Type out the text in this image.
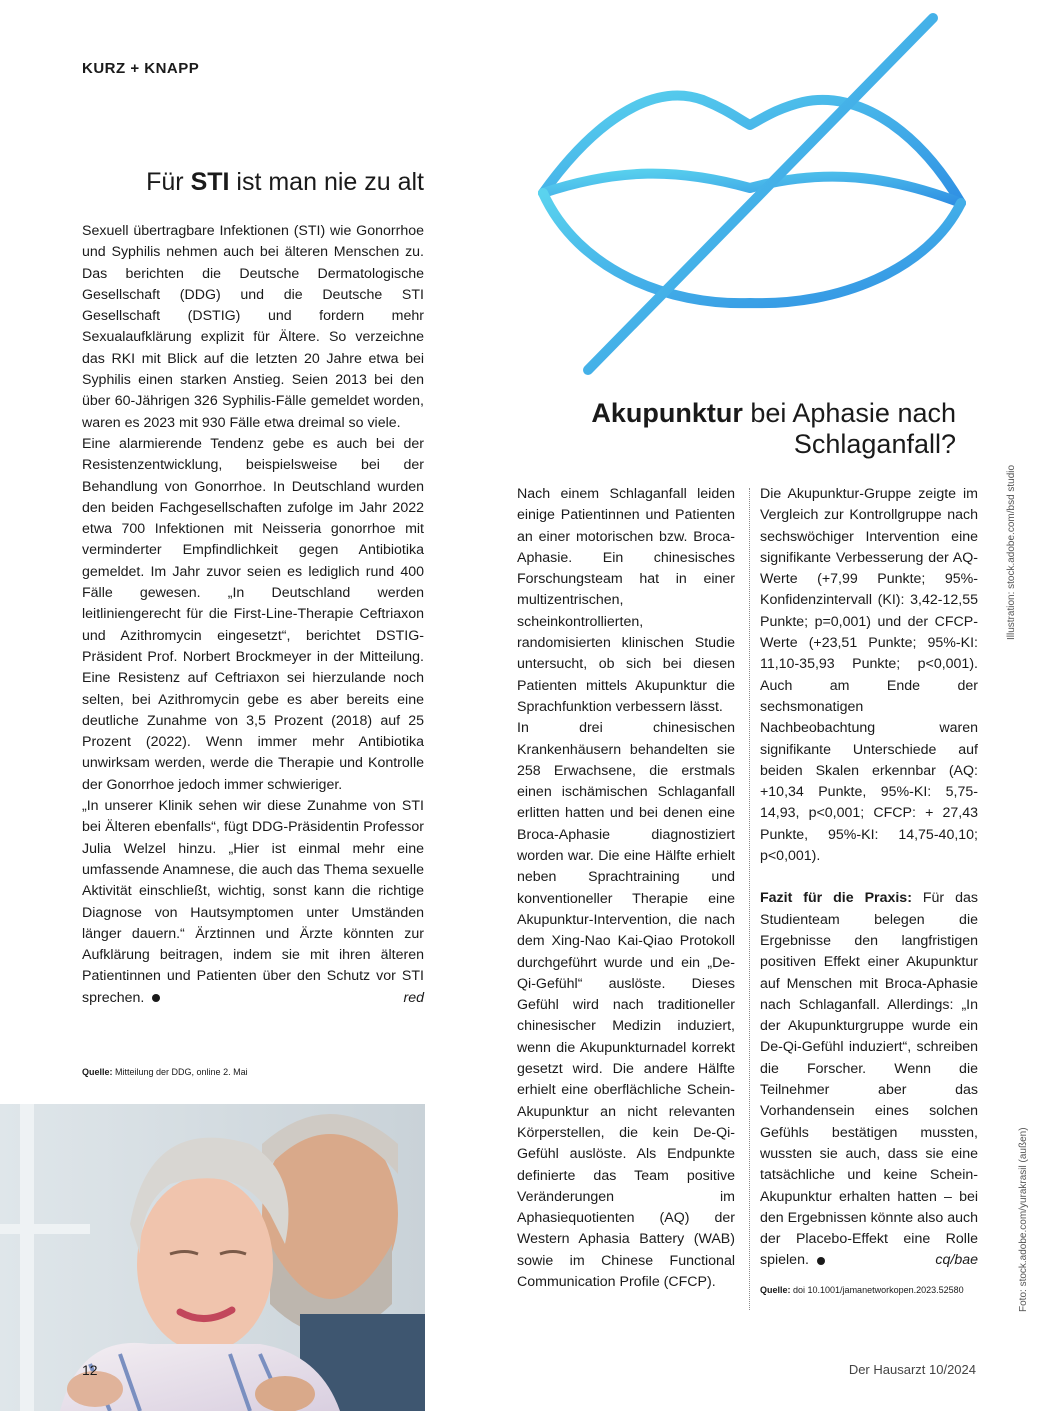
KURZ + KNAPP
Für STI ist man nie zu alt

Sexuell übertragbare Infektionen (STI) wie Gonorrhoe und Syphilis nehmen auch bei älteren Menschen zu. Das berichten die Deutsche Dermatologische Gesellschaft (DDG) und die Deutsche STI Gesellschaft (DSTIG) und fordern mehr Sexualaufklärung explizit für Ältere. So verzeichne das RKI mit Blick auf die letzten 20 Jahre etwa bei Syphilis einen starken Anstieg. Seien 2013 bei den über 60-Jährigen 326 Syphilis-Fälle gemeldet worden, waren es 2023 mit 930 Fälle etwa dreimal so viele.

Eine alarmierende Tendenz gebe es auch bei der Resistenzentwicklung, beispielsweise bei der Behandlung von Gonorrhoe. In Deutschland wurden den beiden Fachgesellschaften zufolge im Jahr 2022 etwa 700 Infektionen mit Neisseria gonorrhoe mit verminderter Empfindlichkeit gegen Antibiotika gemeldet. Im Jahr zuvor seien es lediglich rund 400 Fälle gewesen. „In Deutschland werden leitliniengerecht für die First-Line-Therapie Ceftriaxon und Azithromycin eingesetzt“, berichtet DSTIG-Präsident Prof. Norbert Brockmeyer in der Mitteilung. Eine Resistenz auf Ceftriaxon sei hierzulande noch selten, bei Azithromycin gebe es aber bereits eine deutliche Zunahme von 3,5 Prozent (2018) auf 25 Prozent (2022). Wenn immer mehr Antibiotika unwirksam werden, werde die Therapie und Kontrolle der Gonorrhoe jedoch immer schwieriger.

„In unserer Klinik sehen wir diese Zunahme von STI bei Älteren ebenfalls“, fügt DDG-Präsidentin Professor Julia Welzel hinzu. „Hier ist einmal mehr eine umfassende Anamnese, die auch das Thema sexuelle Aktivität einschließt, wichtig, sonst kann die richtige Diagnose von Hautsymptomen unter Umständen länger dauern.“ Ärztinnen und Ärzte könnten zur Aufklärung beitragen, indem sie mit ihren älteren Patientinnen und Patienten über den Schutz vor STI sprechen.	red

Quelle: Mitteilung der DDG, online 2. Mai
Akupunktur bei Aphasie nach
Schlaganfall?

Nach einem Schlaganfall leiden einige Patientinnen und Patienten an einer motorischen bzw. Broca-Aphasie. Ein chinesisches Forschungsteam hat in einer multizentrischen, scheinkontrollierten, randomisierten klinischen Studie untersucht, ob sich bei diesen Patienten mittels Akupunktur die Sprachfunktion verbessern lässt.

In drei chinesischen Krankenhäusern behandelten sie 258 Erwachsene, die erstmals einen ischämischen Schlaganfall erlitten hatten und bei denen eine Broca-Aphasie diagnostiziert worden war. Die eine Hälfte erhielt neben Sprachtraining und konventioneller Therapie eine Akupunktur-Intervention, die nach dem Xing-Nao Kai-Qiao Protokoll durchgeführt wurde und ein „De-Qi-Gefühl“ auslöste. Dieses Gefühl wird nach traditioneller chinesischer Medizin induziert, wenn die Akupunkturnadel korrekt gesetzt wird. Die andere Hälfte erhielt eine oberflächliche Schein-Akupunktur an nicht relevanten Körperstellen, die kein De-Qi-Gefühl auslöste. Als Endpunkte definierte das Team positive Veränderungen im Aphasiequotienten (AQ) der Western Aphasia Battery (WAB) sowie im Chinese Functional Communication Profile (CFCP).

Die Akupunktur-Gruppe zeigte im Vergleich zur Kontrollgruppe nach sechswöchiger Intervention eine signifikante Verbesserung der AQ-Werte (+7,99 Punkte; 95%-Konfidenzintervall (KI): 3,42-12,55 Punkte; p=0,001) und der CFCP-Werte (+23,51 Punkte; 95%-KI: 11,10-35,93 Punkte; p<0,001). Auch am Ende der sechsmonatigen Nachbeobachtung waren signifikante Unterschiede auf beiden Skalen erkennbar (AQ: +10,34 Punkte, 95%-KI: 5,75-14,93, p<0,001; CFCP: + 27,43 Punkte, 95%-KI: 14,75-40,10; p<0,001).

Fazit für die Praxis: Für das Studienteam belegen die Ergebnisse den langfristigen positiven Effekt einer Akupunktur auf Menschen mit Broca-Aphasie nach Schlaganfall. Allerdings: „In der Akupunkturgruppe wurde ein De-Qi-Gefühl induziert“, schreiben die Forscher. Wenn die Teilnehmer aber das Vorhandensein eines solchen Gefühls bestätigen mussten, wussten sie auch, dass sie eine tatsächliche und keine Schein-Akupunktur erhalten hatten – bei den Ergebnissen könnte also auch der Placebo-Effekt eine Rolle spielen.	cq/bae

Quelle: doi 10.1001/jamanetworkopen.2023.52580
Illustration: stock.adobe.com/bsd studio
Foto: stock.adobe.com/yurakrasil (außen)
12	Der Hausarzt 10/2024
